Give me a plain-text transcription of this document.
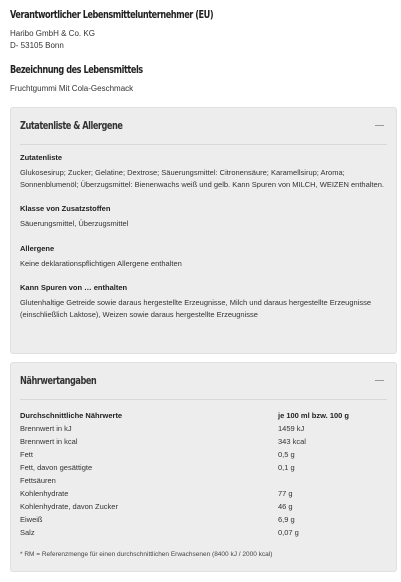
Verantwortlicher Lebensmittelunternehmer (EU)
Haribo GmbH & Co. KG
D- 53105 Bonn
Bezeichnung des Lebensmittels
Fruchtgummi Mit Cola-Geschmack
Zutatenliste & Allergene
Zutatenliste
Glukosesirup; Zucker; Gelatine; Dextrose; Säuerungsmittel: Citronensäure; Karamellsirup; Aroma; Sonnenblumenöl; Überzugsmittel: Bienenwachs weiß und gelb. Kann Spuren von MILCH, WEIZEN enthalten.
Klasse von Zusatzstoffen
Säuerungsmittel, Überzugsmittel
Allergene
Keine deklarationspflichtigen Allergene enthalten
Kann Spuren von … enthalten
Glutenhaltige Getreide sowie daraus hergestellte Erzeugnisse, Milch und daraus hergestellte Erzeugnisse (einschließlich Laktose), Weizen sowie daraus hergestellte Erzeugnisse
Nährwertangaben
Durchschnittliche Nährwerte	je 100 ml bzw. 100 g
Brennwert in kJ	1459 kJ
Brennwert in kcal	343 kcal
Fett	0,5 g
Fett, davon gesättigte	0,1 g
Fettsäuren	
Kohlenhydrate	77 g
Kohlenhydrate, davon Zucker	46 g
Eiweiß	6,9 g
Salz	0,07 g
* RM = Referenzmenge für einen durchschnittlichen Erwachsenen (8400 kJ / 2000 kcal)
